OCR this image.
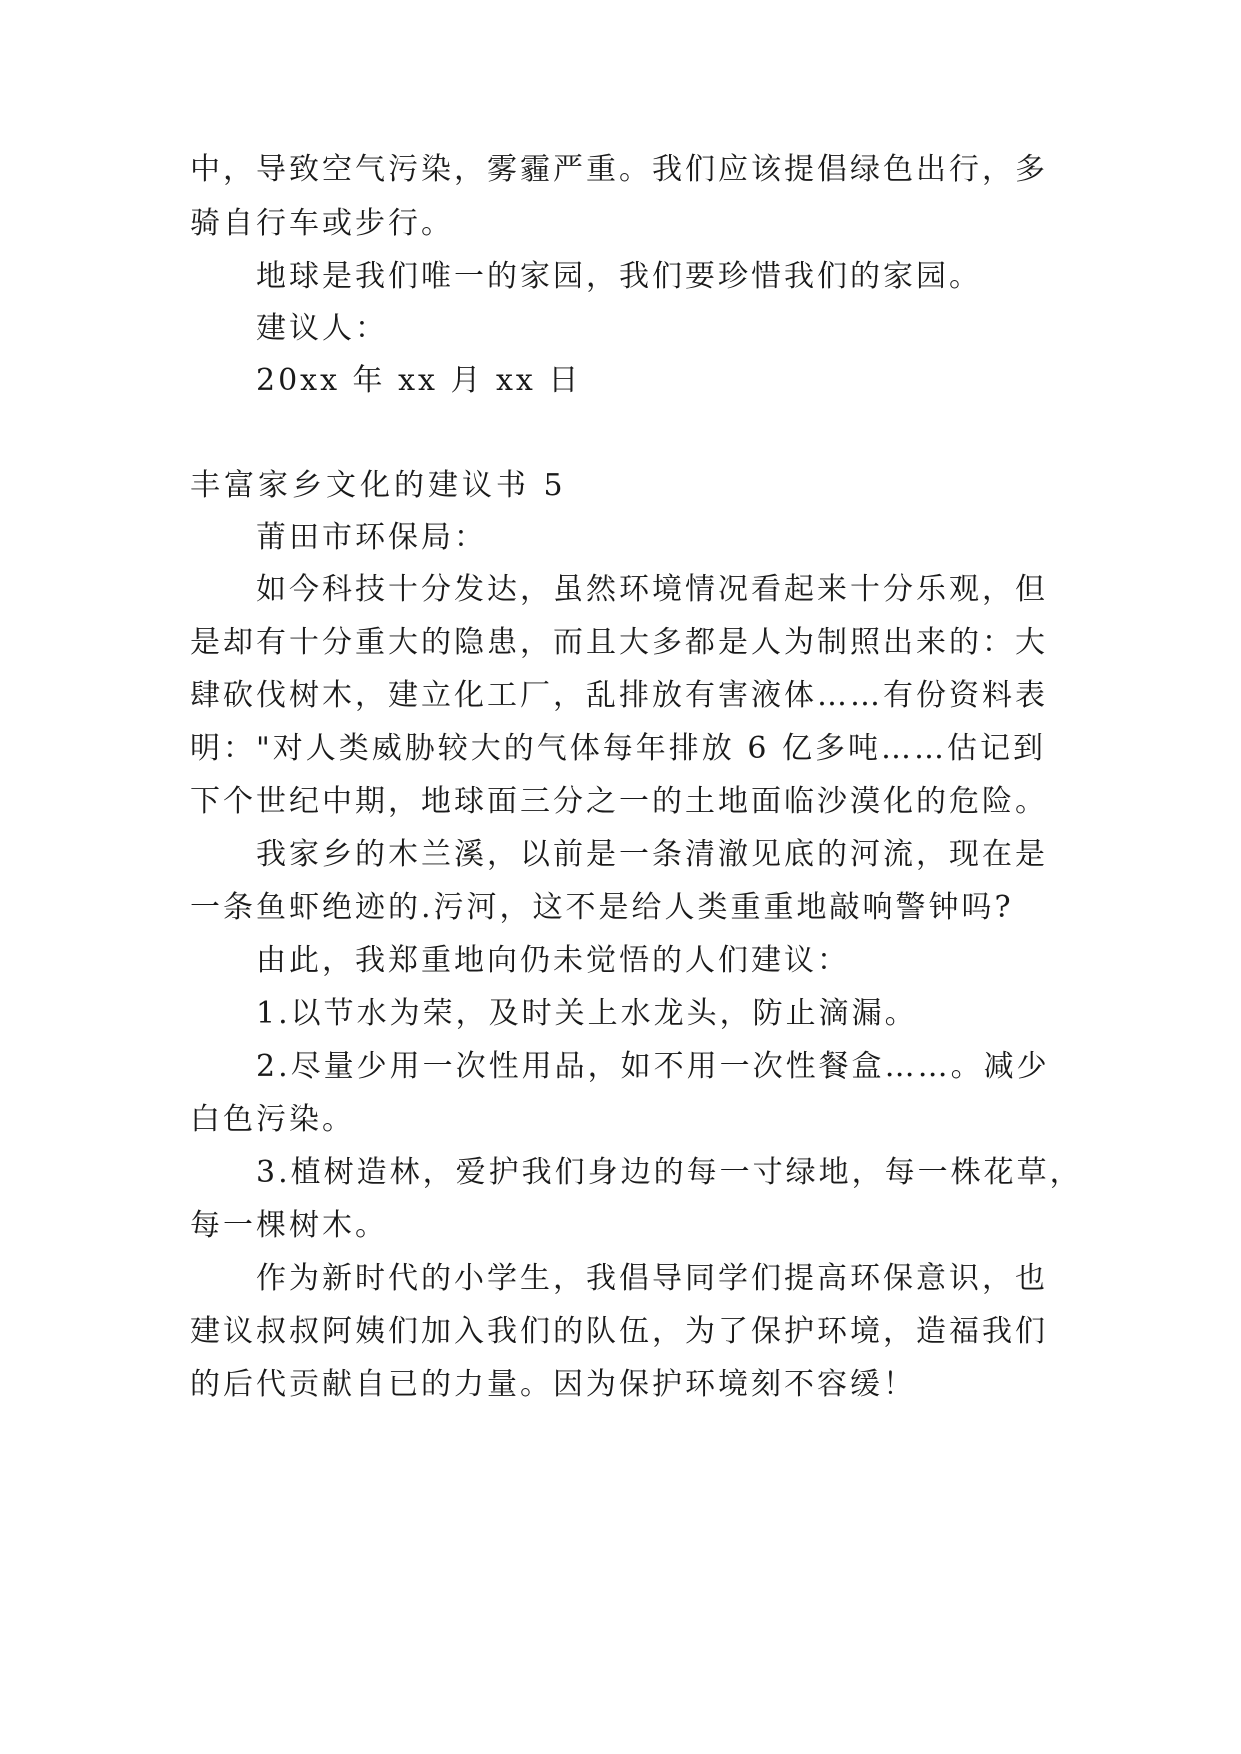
中，导致空气污染，雾霾严重。我们应该提倡绿色出行，多
骑自行车或步行。
地球是我们唯一的家园，我们要珍惜我们的家园。
建议人：
20xx 年 xx 月 xx 日
丰富家乡文化的建议书 5
莆田市环保局：
如今科技十分发达，虽然环境情况看起来十分乐观，但
是却有十分重大的隐患，而且大多都是人为制照出来的：大
肆砍伐树木，建立化工厂，乱排放有害液体……有份资料表
明："对人类威胁较大的气体每年排放 6 亿多吨……估记到
下个世纪中期，地球面三分之一的土地面临沙漠化的危险。
我家乡的木兰溪，以前是一条清澈见底的河流，现在是
一条鱼虾绝迹的.污河，这不是给人类重重地敲响警钟吗?
由此，我郑重地向仍未觉悟的人们建议：
1.以节水为荣，及时关上水龙头，防止滴漏。
2.尽量少用一次性用品，如不用一次性餐盒……。减少
白色污染。
3.植树造林，爱护我们身边的每一寸绿地，每一株花草，
每一棵树木。
作为新时代的小学生，我倡导同学们提高环保意识，也
建议叔叔阿姨们加入我们的队伍，为了保护环境，造福我们
的后代贡献自已的力量。因为保护环境刻不容缓！
